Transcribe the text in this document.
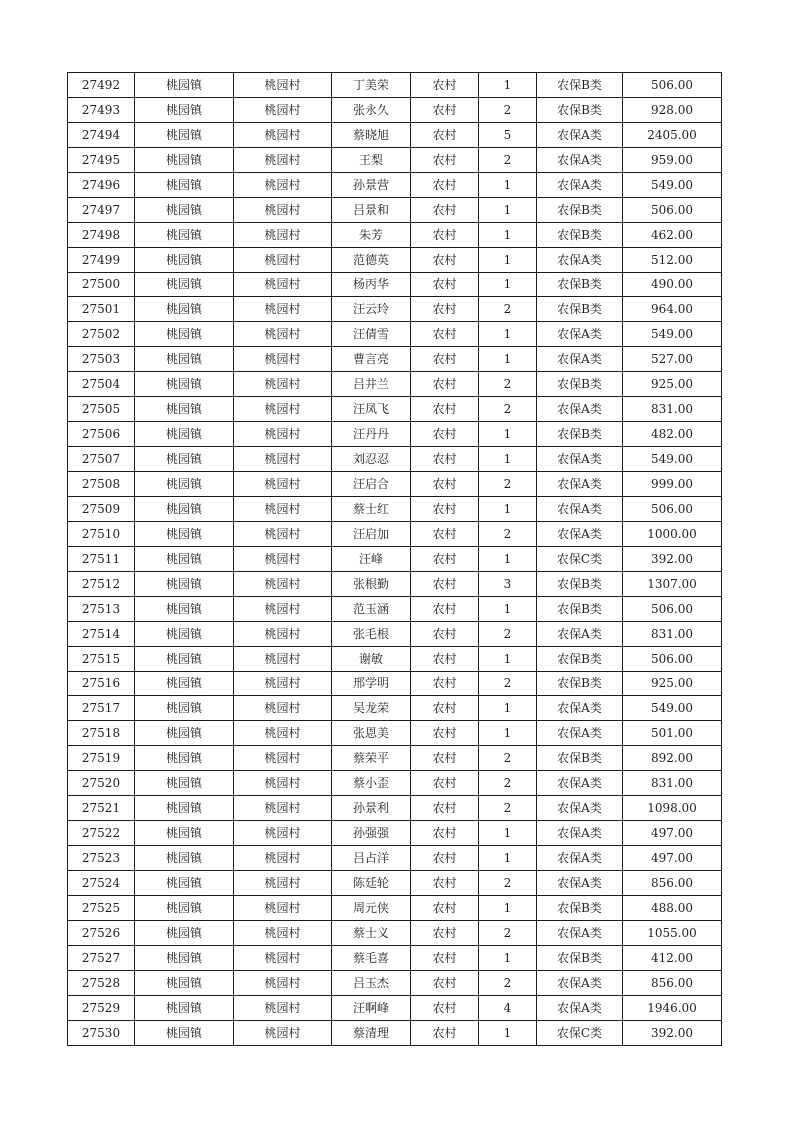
27492	桃园镇	桃园村	丁美荣	农村	1	农保B类	506.00
27493	桃园镇	桃园村	张永久	农村	2	农保B类	928.00
27494	桃园镇	桃园村	蔡晓旭	农村	5	农保A类	2405.00
27495	桃园镇	桃园村	王梨	农村	2	农保A类	959.00
27496	桃园镇	桃园村	孙景营	农村	1	农保A类	549.00
27497	桃园镇	桃园村	吕景和	农村	1	农保B类	506.00
27498	桃园镇	桃园村	朱芳	农村	1	农保B类	462.00
27499	桃园镇	桃园村	范德英	农村	1	农保A类	512.00
27500	桃园镇	桃园村	杨丙华	农村	1	农保B类	490.00
27501	桃园镇	桃园村	汪云玲	农村	2	农保B类	964.00
27502	桃园镇	桃园村	汪倩雪	农村	1	农保A类	549.00
27503	桃园镇	桃园村	曹言亮	农村	1	农保A类	527.00
27504	桃园镇	桃园村	吕井兰	农村	2	农保B类	925.00
27505	桃园镇	桃园村	汪凤飞	农村	2	农保A类	831.00
27506	桃园镇	桃园村	汪丹丹	农村	1	农保B类	482.00
27507	桃园镇	桃园村	刘忍忍	农村	1	农保A类	549.00
27508	桃园镇	桃园村	汪启合	农村	2	农保A类	999.00
27509	桃园镇	桃园村	蔡士红	农村	1	农保A类	506.00
27510	桃园镇	桃园村	汪启加	农村	2	农保A类	1000.00
27511	桃园镇	桃园村	汪峰	农村	1	农保C类	392.00
27512	桃园镇	桃园村	张根勤	农村	3	农保B类	1307.00
27513	桃园镇	桃园村	范玉涵	农村	1	农保B类	506.00
27514	桃园镇	桃园村	张毛根	农村	2	农保A类	831.00
27515	桃园镇	桃园村	谢敏	农村	1	农保B类	506.00
27516	桃园镇	桃园村	邢学明	农村	2	农保B类	925.00
27517	桃园镇	桃园村	吴龙荣	农村	1	农保A类	549.00
27518	桃园镇	桃园村	张恩美	农村	1	农保A类	501.00
27519	桃园镇	桃园村	蔡荣平	农村	2	农保B类	892.00
27520	桃园镇	桃园村	蔡小歪	农村	2	农保A类	831.00
27521	桃园镇	桃园村	孙景利	农村	2	农保A类	1098.00
27522	桃园镇	桃园村	孙强强	农村	1	农保A类	497.00
27523	桃园镇	桃园村	吕占洋	农村	1	农保A类	497.00
27524	桃园镇	桃园村	陈廷轮	农村	2	农保A类	856.00
27525	桃园镇	桃园村	周元侠	农村	1	农保B类	488.00
27526	桃园镇	桃园村	蔡士义	农村	2	农保A类	1055.00
27527	桃园镇	桃园村	蔡毛喜	农村	1	农保B类	412.00
27528	桃园镇	桃园村	吕玉杰	农村	2	农保A类	856.00
27529	桃园镇	桃园村	汪啊峰	农村	4	农保A类	1946.00
27530	桃园镇	桃园村	蔡清理	农村	1	农保C类	392.00
